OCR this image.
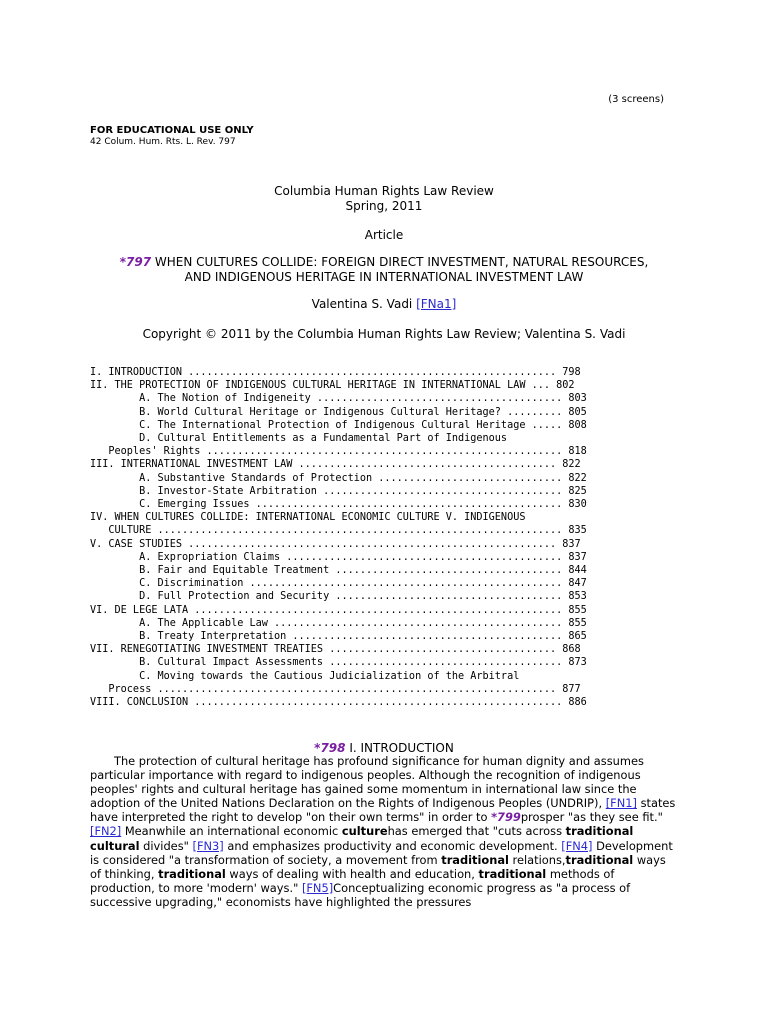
(3 screens)
FOR EDUCATIONAL USE ONLY
42 Colum. Hum. Rts. L. Rev. 797
Columbia Human Rights Law Review
Spring, 2011
Article
*797 WHEN CULTURES COLLIDE: FOREIGN DIRECT INVESTMENT, NATURAL RESOURCES,
AND INDIGENOUS HERITAGE IN INTERNATIONAL INVESTMENT LAW
Valentina S. Vadi [FNa1]
Copyright © 2011 by the Columbia Human Rights Law Review; Valentina S. Vadi
I. INTRODUCTION ............................................................ 798
II. THE PROTECTION OF INDIGENOUS CULTURAL HERITAGE IN INTERNATIONAL LAW ... 802
A. The Notion of Indigeneity ........................................ 803
B. World Cultural Heritage or Indigenous Cultural Heritage? ......... 805
C. The International Protection of Indigenous Cultural Heritage ..... 808
D. Cultural Entitlements as a Fundamental Part of Indigenous
Peoples' Rights .......................................................... 818
III. INTERNATIONAL INVESTMENT LAW .......................................... 822
A. Substantive Standards of Protection .............................. 822
B. Investor-State Arbitration ....................................... 825
C. Emerging Issues .................................................. 830
IV. WHEN CULTURES COLLIDE: INTERNATIONAL ECONOMIC CULTURE V. INDIGENOUS
CULTURE .................................................................. 835
V. CASE STUDIES ............................................................ 837
A. Expropriation Claims ............................................. 837
B. Fair and Equitable Treatment ..................................... 844
C. Discrimination ................................................... 847
D. Full Protection and Security ..................................... 853
VI. DE LEGE LATA ............................................................ 855
A. The Applicable Law ............................................... 855
B. Treaty Interpretation ............................................ 865
VII. RENEGOTIATING INVESTMENT TREATIES ..................................... 868
B. Cultural Impact Assessments ...................................... 873
C. Moving towards the Cautious Judicialization of the Arbitral
Process ................................................................. 877
VIII. CONCLUSION ............................................................ 886
*798 I. INTRODUCTION

The protection of cultural heritage has profound significance for human dignity and assumes particular importance with regard to indigenous peoples. Although the recognition of indigenous peoples' rights and cultural heritage has gained some momentum in international law since the adoption of the United Nations Declaration on the Rights of Indigenous Peoples (UNDRIP), [FN1] states have interpreted the right to develop "on their own terms" in order to *799prosper "as they see fit." [FN2] Meanwhile an international economic culturehas emerged that "cuts across traditional cultural divides" [FN3] and emphasizes productivity and economic development. [FN4] Development is considered "a transformation of society, a movement from traditional relations,traditional ways of thinking, traditional ways of dealing with health and education, traditional methods of production, to more 'modern' ways." [FN5]Conceptualizing economic progress as "a process of successive upgrading," economists have highlighted the pressures
